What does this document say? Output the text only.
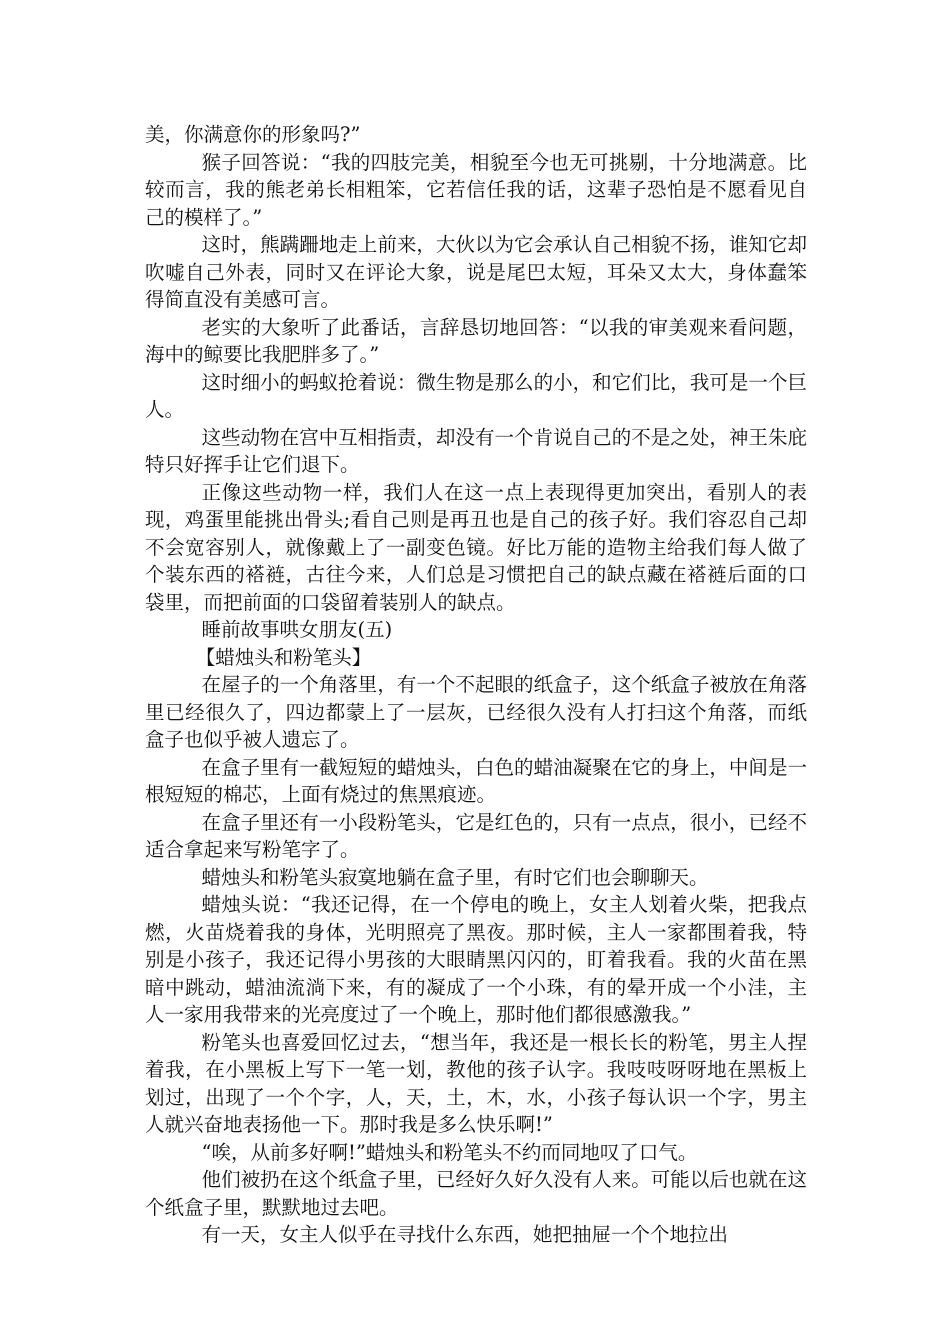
美，你满意你的形象吗?”

猴子回答说：“我的四肢完美，相貌至今也无可挑剔，十分地满意。比较而言，我的熊老弟长相粗笨，它若信任我的话，这辈子恐怕是不愿看见自己的模样了。”

这时，熊蹒跚地走上前来，大伙以为它会承认自己相貌不扬，谁知它却吹嘘自己外表，同时又在评论大象，说是尾巴太短，耳朵又太大，身体蠢笨得简直没有美感可言。

老实的大象听了此番话，言辞恳切地回答：“以我的审美观来看问题，海中的鲸要比我肥胖多了。”

这时细小的蚂蚁抢着说：微生物是那么的小，和它们比，我可是一个巨人。

这些动物在宫中互相指责，却没有一个肯说自己的不是之处，神王朱庇特只好挥手让它们退下。

正像这些动物一样，我们人在这一点上表现得更加突出，看别人的表现，鸡蛋里能挑出骨头;看自己则是再丑也是自己的孩子好。我们容忍自己却不会宽容别人，就像戴上了一副变色镜。好比万能的造物主给我们每人做了个装东西的褡裢，古往今来，人们总是习惯把自己的缺点藏在褡裢后面的口袋里，而把前面的口袋留着装别人的缺点。

睡前故事哄女朋友(五)

【蜡烛头和粉笔头】

在屋子的一个角落里，有一个不起眼的纸盒子，这个纸盒子被放在角落里已经很久了，四边都蒙上了一层灰，已经很久没有人打扫这个角落，而纸盒子也似乎被人遗忘了。

在盒子里有一截短短的蜡烛头，白色的蜡油凝聚在它的身上，中间是一根短短的棉芯，上面有烧过的焦黑痕迹。

在盒子里还有一小段粉笔头，它是红色的，只有一点点，很小，已经不适合拿起来写粉笔字了。

蜡烛头和粉笔头寂寞地躺在盒子里，有时它们也会聊聊天。

蜡烛头说：“我还记得，在一个停电的晚上，女主人划着火柴，把我点燃，火苗烧着我的身体，光明照亮了黑夜。那时候，主人一家都围着我，特别是小孩子，我还记得小男孩的大眼睛黑闪闪的，盯着我看。我的火苗在黑暗中跳动，蜡油流淌下来，有的凝成了一个小珠，有的晕开成一个小洼，主人一家用我带来的光亮度过了一个晚上，那时他们都很感激我。”

粉笔头也喜爱回忆过去，“想当年，我还是一根长长的粉笔，男主人捏着我，在小黑板上写下一笔一划，教他的孩子认字。我吱吱呀呀地在黑板上划过，出现了一个个字，人，天，土，木，水，小孩子每认识一个字，男主人就兴奋地表扬他一下。那时我是多么快乐啊!”

“唉，从前多好啊!”蜡烛头和粉笔头不约而同地叹了口气。

他们被扔在这个纸盒子里，已经好久好久没有人来。可能以后也就在这个纸盒子里，默默地过去吧。

有一天，女主人似乎在寻找什么东西，她把抽屉一个个地拉出
